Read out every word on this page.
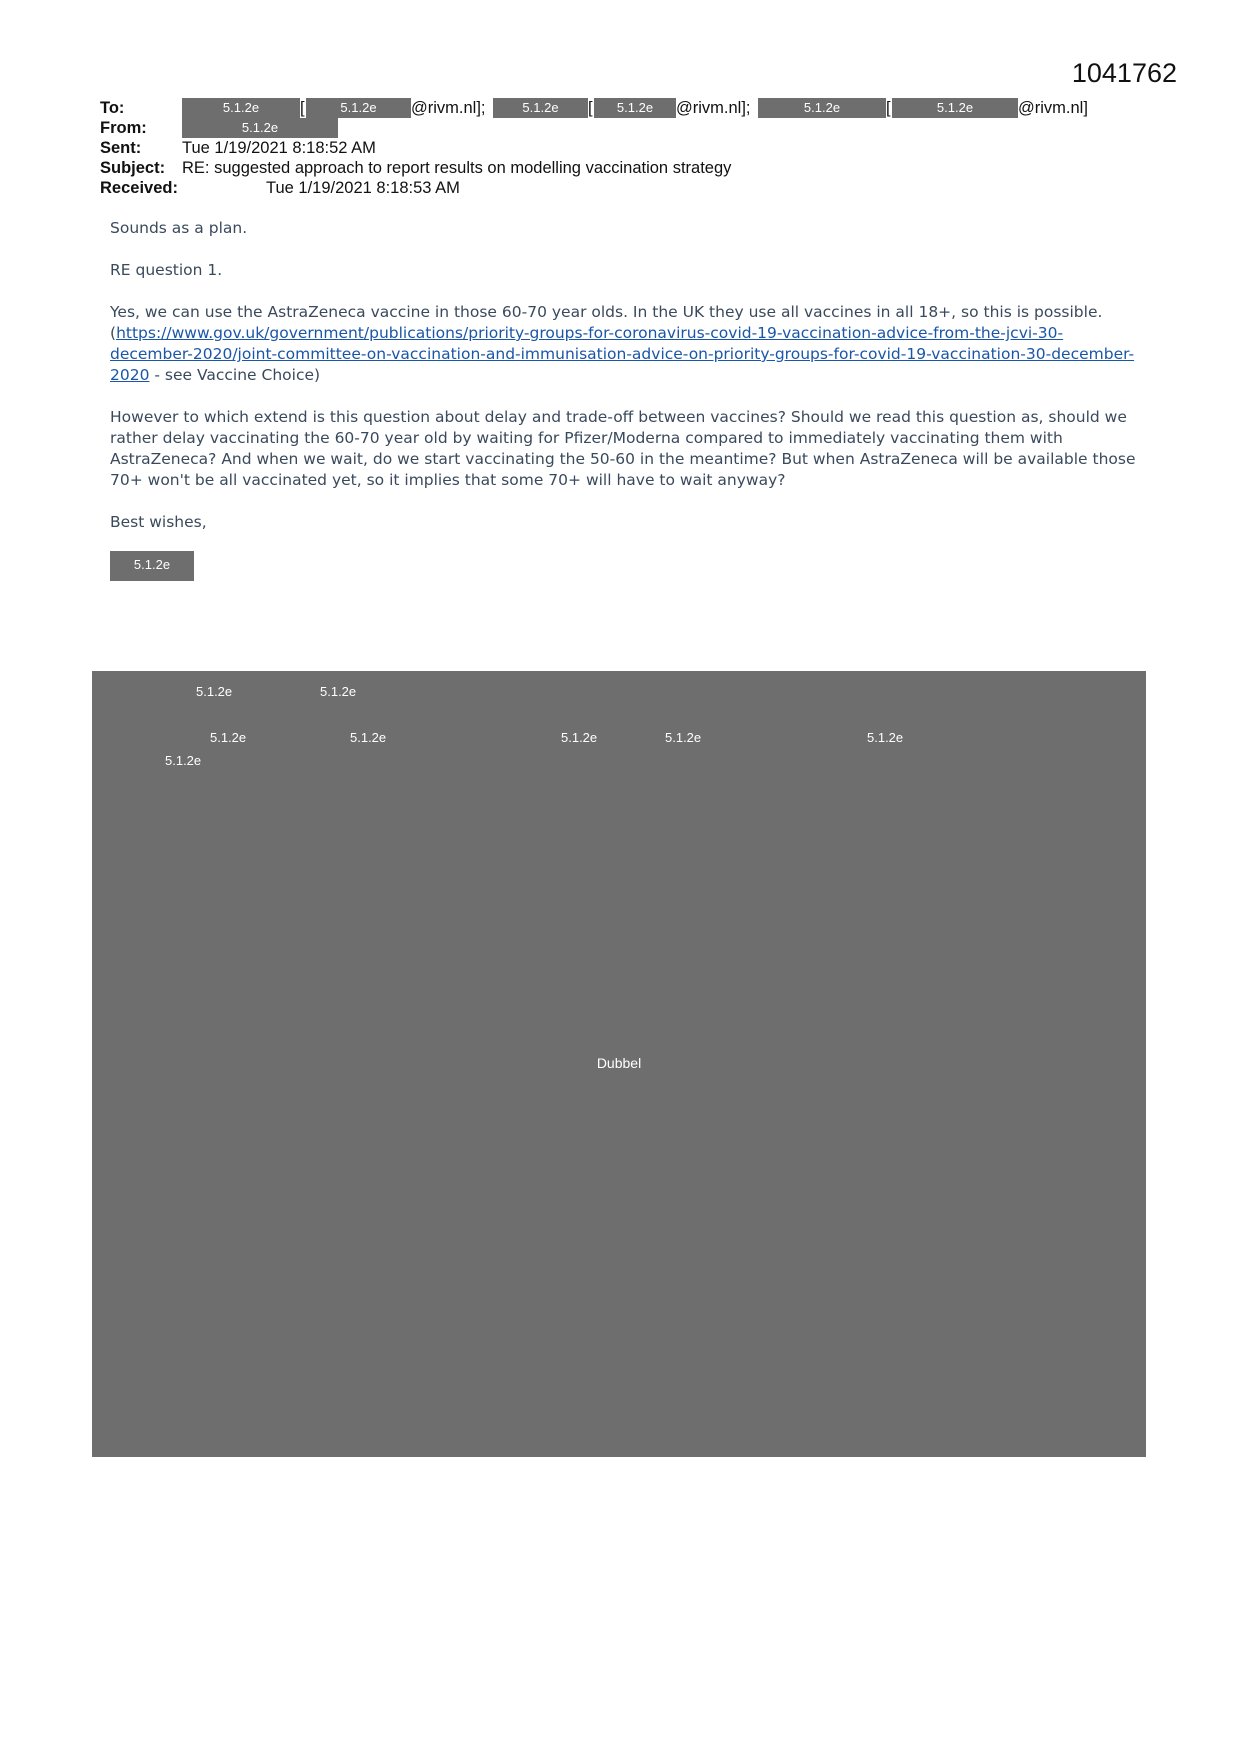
1041762
To:	5.1.2e [	5.1.2e @rivm.nl];	5.1.2e [ 5.1.2e @rivm.nl];	5.1.2e	[	5.1.2e	@rivm.nl]
From:	5.1.2e
Sent: Tue 1/19/2021 8:18:52 AM
Subject: RE: suggested approach to report results on modelling vaccination strategy
Received:	Tue 1/19/2021 8:18:53 AM

Sounds as a plan.

RE question 1.

Yes, we can use the AstraZeneca vaccine in those 60-70 year olds. In the UK they use all vaccines in all 18+, so this is possible. (https://www.gov.uk/government/publications/priority-groups-for-coronavirus-covid-19-vaccination-advice-from-the-jcvi-30-december-2020/joint-committee-on-vaccination-and-immunisation-advice-on-priority-groups-for-covid-19-vaccination-30-december-2020 - see Vaccine Choice)

However to which extend is this question about delay and trade-off between vaccines? Should we read this question as, should we rather delay vaccinating the 60-70 year old by waiting for Pfizer/Moderna compared to immediately vaccinating them with AstraZeneca? And when we wait, do we start vaccinating the 50-60 in the meantime? But when AstraZeneca will be available those 70+ won't be all vaccinated yet, so it implies that some 70+ will have to wait anyway?

Best wishes,

5.1.2e
5.1.2e	5.1.2e
5.1.2e	5.1.2e	5.1.2e	5.1.2e	5.1.2e
5.1.2e
Dubbel
